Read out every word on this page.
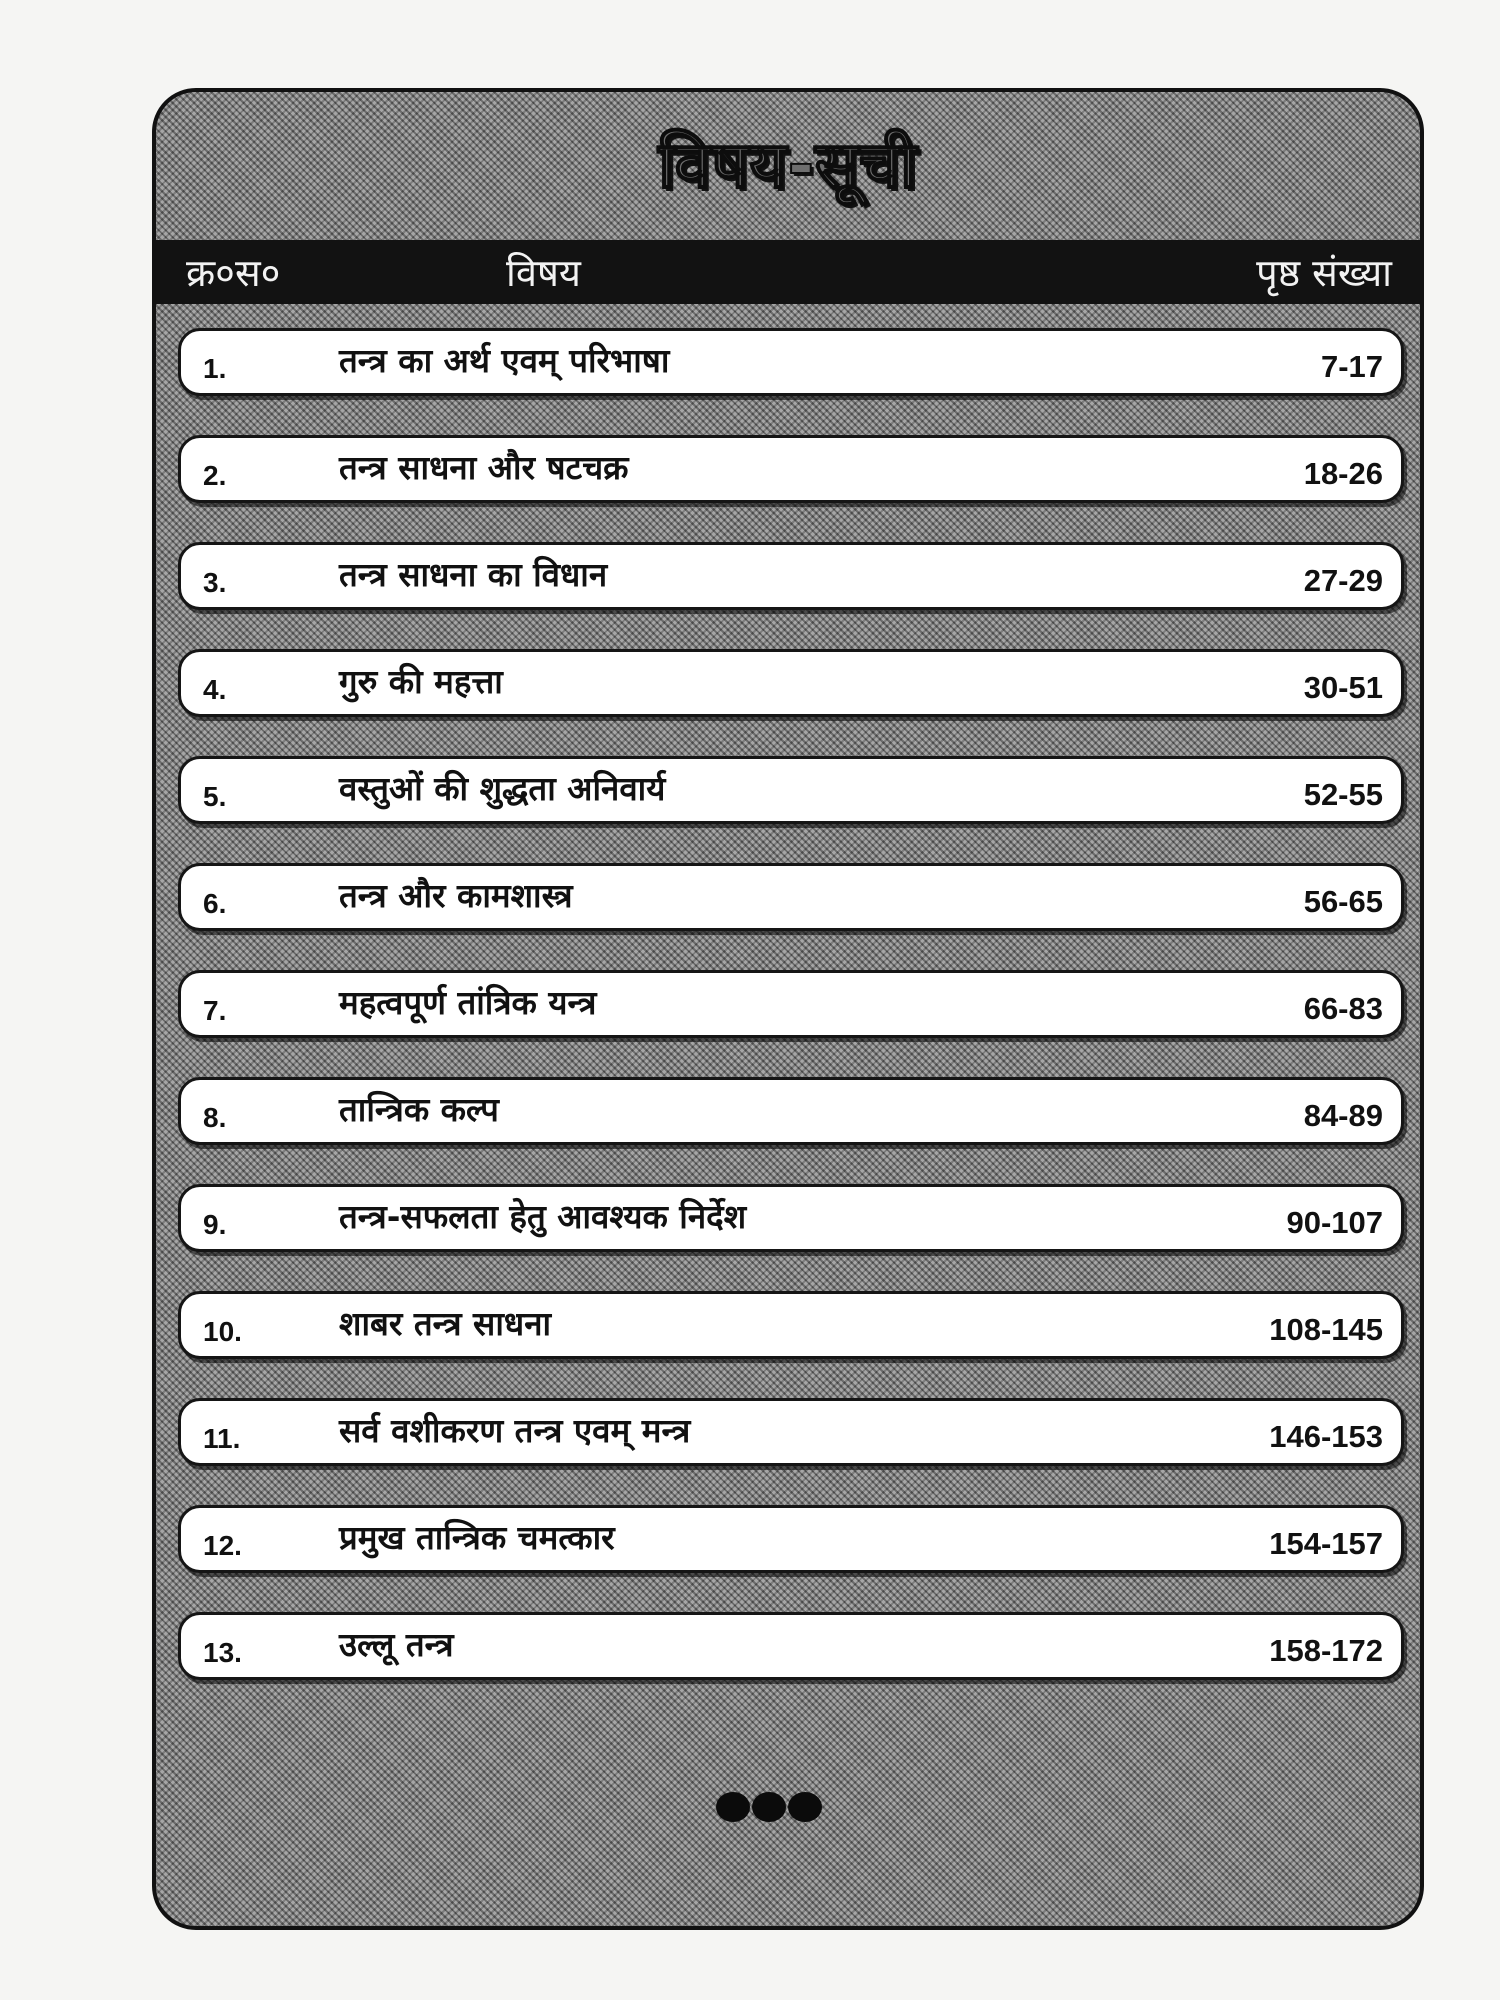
विषय-सूची
क्र०स०	विषय	पृष्ठ संख्या
1.	तन्त्र का अर्थ एवम् परिभाषा	7-17
2.	तन्त्र साधना और षटचक्र	18-26
3.	तन्त्र साधना का विधान	27-29
4.	गुरु की महत्ता	30-51
5.	वस्तुओं की शुद्धता अनिवार्य	52-55
6.	तन्त्र और कामशास्त्र	56-65
7.	महत्वपूर्ण तांत्रिक यन्त्र	66-83
8.	तान्त्रिक कल्प	84-89
9.	तन्त्र-सफलता हेतु आवश्यक निर्देश	90-107
10.	शाबर तन्त्र साधना	108-145
11.	सर्व वशीकरण तन्त्र एवम् मन्त्र	146-153
12.	प्रमुख तान्त्रिक चमत्कार	154-157
13.	उल्लू तन्त्र	158-172
